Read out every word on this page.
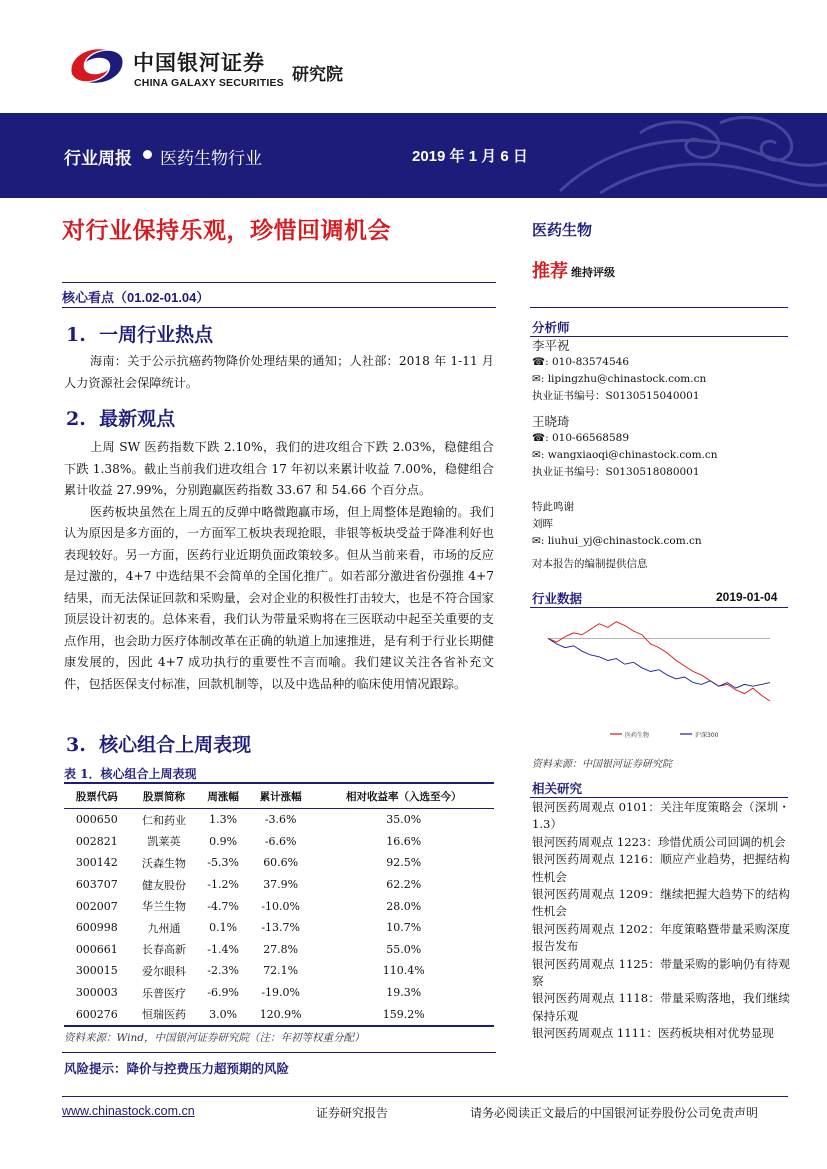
中国银河证券
CHINA GALAXY SECURITIES 研究院
行业周报 医药生物行业	2019 年 1 月 6 日
对行业保持乐观，珍惜回调机会
核心看点（01.02-01.04）
1. 一周行业热点

海南：关于公示抗癌药物降价处理结果的通知；人社部：2018 年 1-11 月人力资源社会保障统计。

2. 最新观点

上周 SW 医药指数下跌 2.10%，我们的进攻组合下跌 2.03%，稳健组合下跌 1.38%。截止当前我们进攻组合 17 年初以来累计收益 7.00%，稳健组合累计收益 27.99%，分别跑赢医药指数 33.67 和 54.66 个百分点。

医药板块虽然在上周五的反弹中略微跑赢市场，但上周整体是跑输的。我们认为原因是多方面的，一方面军工板块表现抢眼，非银等板块受益于降准利好也表现较好。另一方面，医药行业近期负面政策较多。但从当前来看，市场的反应是过激的，4+7 中选结果不会简单的全国化推广。如若部分激进省份强推 4+7 结果，而无法保证回款和采购量，会对企业的积极性打击较大，也是不符合国家顶层设计初衷的。总体来看，我们认为带量采购将在三医联动中起至关重要的支点作用，也会助力医疗体制改革在正确的轨道上加速推进，是有利于行业长期健康发展的，因此 4+7 成功执行的重要性不言而喻。我们建议关注各省补充文件，包括医保支付标准，回款机制等，以及中选品种的临床使用情况跟踪。

3. 核心组合上周表现
表 1．核心组合上周表现
股票代码	股票简称	周涨幅	累计涨幅	相对收益率（入选至今）
000650	仁和药业	1.3%	-3.6%	35.0%
002821	凯莱英	0.9%	-6.6%	16.6%
300142	沃森生物	-5.3%	60.6%	92.5%
603707	健友股份	-1.2%	37.9%	62.2%
002007	华兰生物	-4.7%	-10.0%	28.0%
600998	九州通	0.1%	-13.7%	10.7%
000661	长春高新	-1.4%	27.8%	55.0%
300015	爱尔眼科	-2.3%	72.1%	110.4%
300003	乐普医疗	-6.9%	-19.0%	19.3%
600276	恒瑞医药	3.0%	120.9%	159.2%
资料来源：Wind，中国银河证券研究院（注：年初等权重分配）
风险提示：降价与控费压力超预期的风险
医药生物
推荐 维持评级
分析师
李平祝
☎: 010-83574546
✉: lipingzhu@chinastock.com.cn
执业证书编号：S0130515040001
王晓琦
☎: 010-66568589
✉: wangxiaoqi@chinastock.com.cn
执业证书编号：S0130518080001
特此鸣谢
刘晖
✉: liuhui_yj@chinastock.com.cn
对本报告的编制提供信息
行业数据	2019-01-04
医药生物	沪深300
资料来源：中国银河证券研究院
相关研究
银河医药周观点 0101：关注年度策略会（深圳・1.3）
银河医药周观点 1223：珍惜优质公司回调的机会
银河医药周观点 1216：顺应产业趋势，把握结构性机会
银河医药周观点 1209：继续把握大趋势下的结构性机会
银河医药周观点 1202：年度策略暨带量采购深度报告发布
银河医药周观点 1125：带量采购的影响仍有待观察
银河医药周观点 1118：带量采购落地，我们继续保持乐观
银河医药周观点 1111：医药板块相对优势显现
www.chinastock.com.cn	证券研究报告	请务必阅读正文最后的中国银河证券股份公司免责声明
